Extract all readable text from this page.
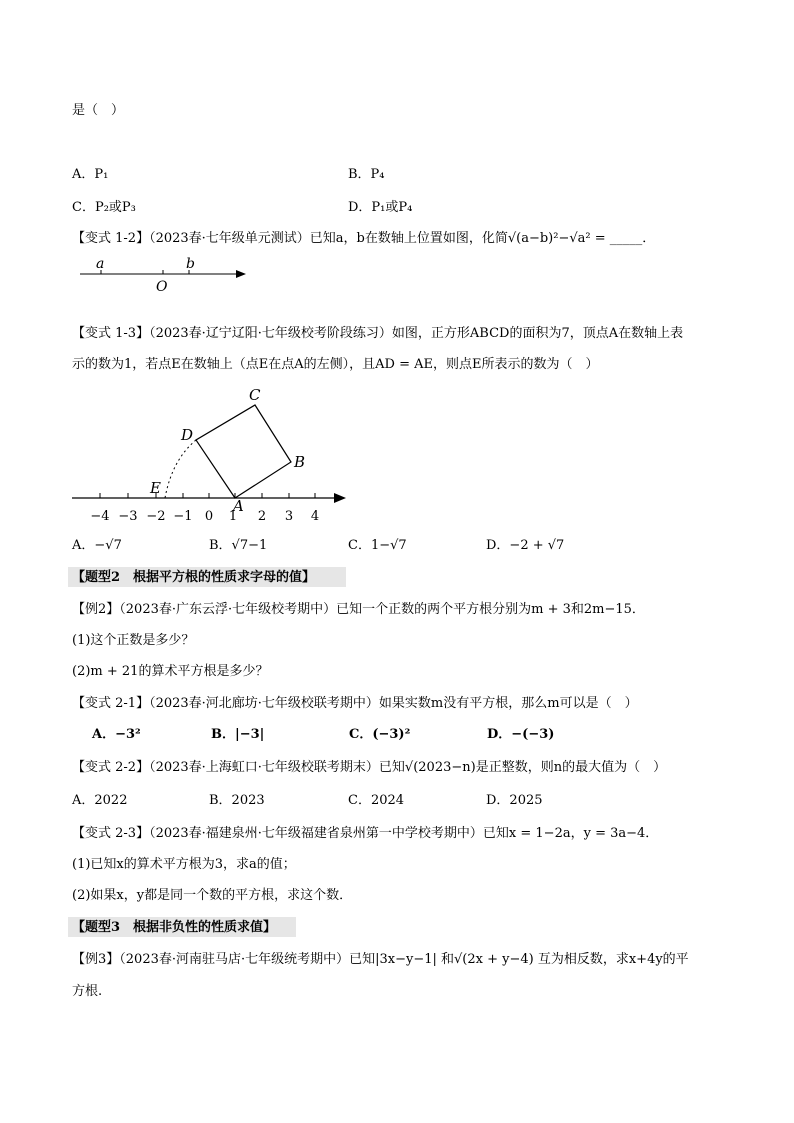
是（　）
A．P₁	B．P₄
C．P₂或P₃	D．P₁或P₄
【变式 1-2】（2023春·七年级单元测试）已知a，b在数轴上位置如图，化简√(a−b)²−√a² = _____．
a	b
O
【变式 1-3】（2023春·辽宁辽阳·七年级校考阶段练习）如图，正方形ABCD的面积为7，顶点A在数轴上表
示的数为1，若点E在数轴上（点E在点A的左侧），且AD = AE，则点E所表示的数为（　）
C
B
D
E
A
−4 −3 −2 −1 0 1 2 3 4
A．−√7	B．√7−1	C．1−√7	D．−2 + √7
【题型2　根据平方根的性质求字母的值】
【例2】（2023春·广东云浮·七年级校考期中）已知一个正数的两个平方根分别为m + 3和2m−15．
(1)这个正数是多少？
(2)m + 21的算术平方根是多少？
【变式 2-1】（2023春·河北廊坊·七年级校联考期中）如果实数m没有平方根，那么m可以是（　）
A．−3²	B．|−3|	C．(−3)²	D．−(−3)
【变式 2-2】（2023春·上海虹口·七年级校联考期末）已知√(2023−n)是正整数，则n的最大值为（　）
A．2022	B．2023	C．2024	D．2025
【变式 2-3】（2023春·福建泉州·七年级福建省泉州第一中学校考期中）已知x = 1−2a，y = 3a−4．
(1)已知x的算术平方根为3，求a的值；
(2)如果x，y都是同一个数的平方根，求这个数．
【题型3　根据非负性的性质求值】
【例3】（2023春·河南驻马店·七年级统考期中）已知|3x−y−1| 和√(2x + y−4) 互为相反数，求x+4y的平
方根.
